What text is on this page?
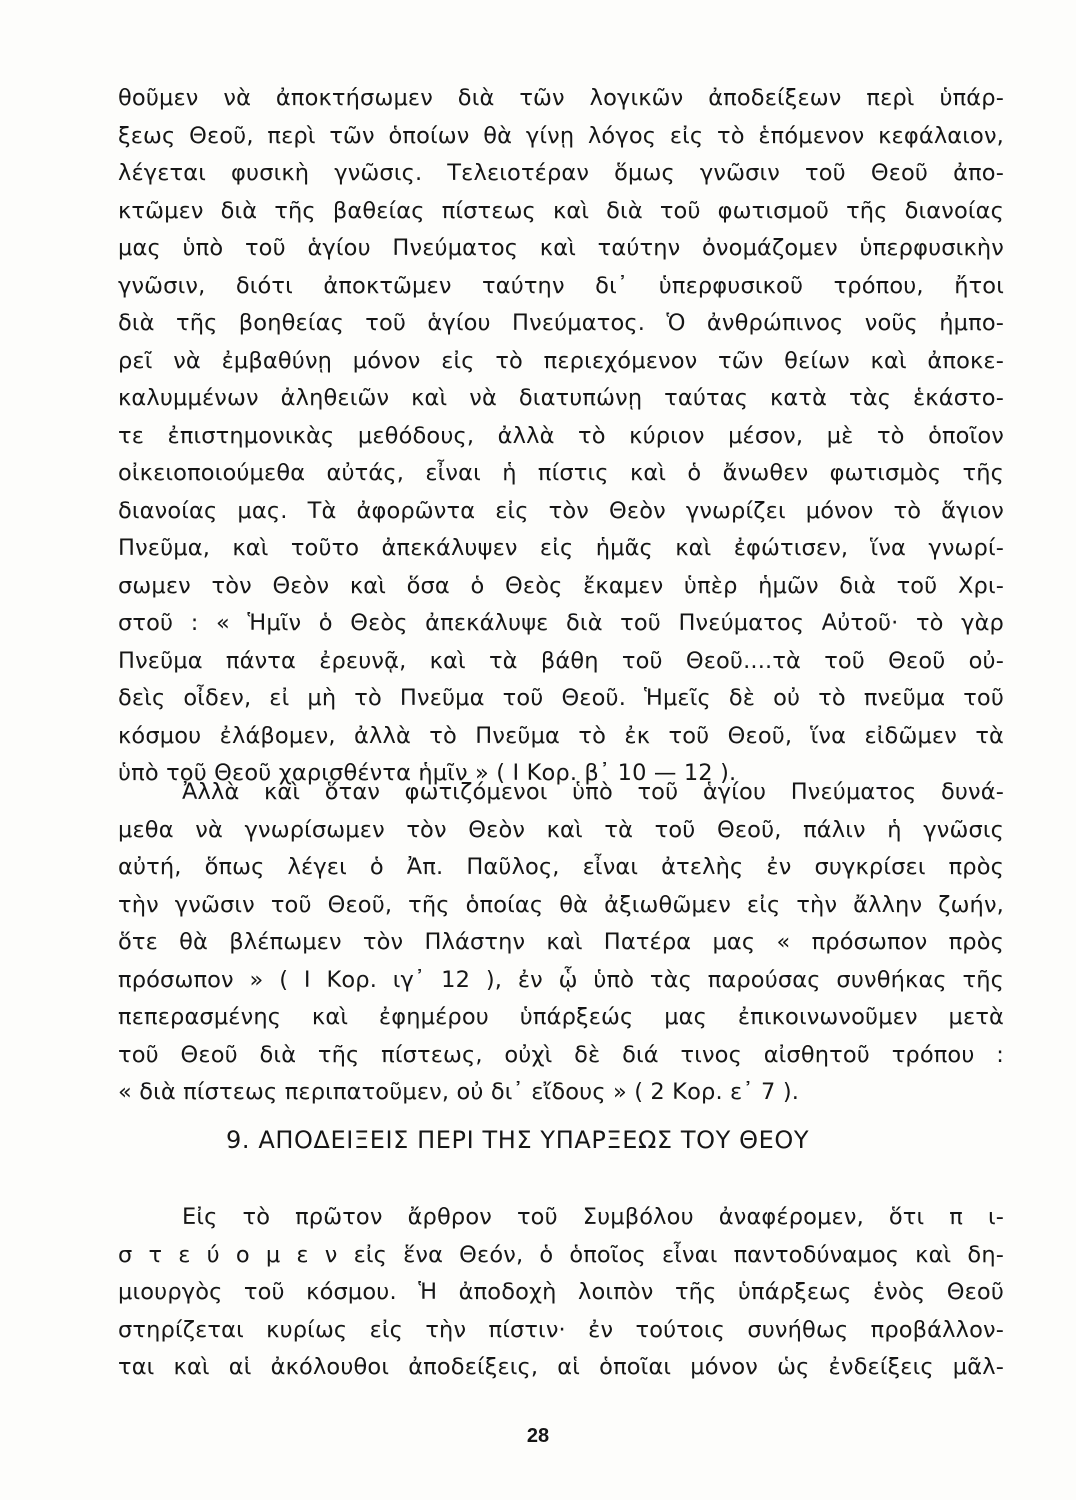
θοῦμεν νὰ ἀποκτήσωμεν διὰ τῶν λογικῶν ἀποδείξεων περὶ ὑπάρ-
ξεως Θεοῦ, περὶ τῶν ὁποίων θὰ γίνῃ λόγος εἰς τὸ ἑπόμενον κεφάλαιον,
λέγεται φυσικὴ γνῶσις. Τελειοτέραν ὅμως γνῶσιν τοῦ Θεοῦ ἀπο-
κτῶμεν διὰ τῆς βαθείας πίστεως καὶ διὰ τοῦ φωτισμοῦ τῆς διανοίας
μας ὑπὸ τοῦ ἁγίου Πνεύματος καὶ ταύτην ὀνομάζομεν ὑπερφυσικὴν
γνῶσιν, διότι ἀποκτῶμεν ταύτην δι᾽ ὑπερφυσικοῦ τρόπου, ἤτοι
διὰ τῆς βοηθείας τοῦ ἁγίου Πνεύματος. Ὁ ἀνθρώπινος νοῦς ἠμπο-
ρεῖ νὰ ἐμβαθύνῃ μόνον εἰς τὸ περιεχόμενον τῶν θείων καὶ ἀποκε-
καλυμμένων ἀληθειῶν καὶ νὰ διατυπώνῃ ταύτας κατὰ τὰς ἑκάστο-
τε ἐπιστημονικὰς μεθόδους, ἀλλὰ τὸ κύριον μέσον, μὲ τὸ ὁποῖον
οἰκειοποιούμεθα αὐτάς, εἶναι ἡ πίστις καὶ ὁ ἄνωθεν φωτισμὸς τῆς
διανοίας μας. Τὰ ἀφορῶντα εἰς τὸν Θεὸν γνωρίζει μόνον τὸ ἅγιον
Πνεῦμα, καὶ τοῦτο ἀπεκάλυψεν εἰς ἡμᾶς καὶ ἐφώτισεν, ἵνα γνωρί-
σωμεν τὸν Θεὸν καὶ ὅσα ὁ Θεὸς ἔκαμεν ὑπὲρ ἡμῶν διὰ τοῦ Χρι-
στοῦ : « Ἡμῖν ὁ Θεὸς ἀπεκάλυψε διὰ τοῦ Πνεύματος Αὐτοῦ· τὸ γὰρ
Πνεῦμα πάντα ἐρευνᾷ, καὶ τὰ βάθη τοῦ Θεοῦ....τὰ τοῦ Θεοῦ οὐ-
δεὶς οἶδεν, εἰ μὴ τὸ Πνεῦμα τοῦ Θεοῦ. Ἡμεῖς δὲ οὐ τὸ πνεῦμα τοῦ
κόσμου ἐλάβομεν, ἀλλὰ τὸ Πνεῦμα τὸ ἐκ τοῦ Θεοῦ, ἵνα εἰδῶμεν τὰ
ὑπὸ τοῦ Θεοῦ χαρισθέντα ἡμῖν » ( Ι Κορ. β᾽ 10 — 12 ).
Ἀλλὰ καὶ ὅταν φωτιζόμενοι ὑπὸ τοῦ ἁγίου Πνεύματος δυνά-
μεθα νὰ γνωρίσωμεν τὸν Θεὸν καὶ τὰ τοῦ Θεοῦ, πάλιν ἡ γνῶσις
αὐτή, ὅπως λέγει ὁ Ἀπ. Παῦλος, εἶναι ἀτελὴς ἐν συγκρίσει πρὸς
τὴν γνῶσιν τοῦ Θεοῦ, τῆς ὁποίας θὰ ἀξιωθῶμεν εἰς τὴν ἄλλην ζωήν,
ὅτε θὰ βλέπωμεν τὸν Πλάστην καὶ Πατέρα μας « πρόσωπον πρὸς
πρόσωπον » ( Ι Κορ. ιγ᾽ 12 ), ἐν ᾧ ὑπὸ τὰς παρούσας συνθήκας τῆς
πεπερασμένης καὶ ἐφημέρου ὑπάρξεώς μας ἐπικοινωνοῦμεν μετὰ
τοῦ Θεοῦ διὰ τῆς πίστεως, οὐχὶ δὲ διά τινος αἰσθητοῦ τρόπου :
« διὰ πίστεως περιπατοῦμεν, οὐ δι᾽ εἴδους » ( 2 Κορ. ε᾽ 7 ).
9. ΑΠΟΔΕΙΞΕΙΣ ΠΕΡΙ ΤΗΣ ΥΠΑΡΞΕΩΣ ΤΟΥ ΘΕΟΥ
Εἰς τὸ πρῶτον ἄρθρον τοῦ Συμβόλου ἀναφέρομεν, ὅτι π ι-
σ τ ε ύ ο μ ε ν εἰς ἕνα Θεόν, ὁ ὁποῖος εἶναι παντοδύναμος καὶ δη-
μιουργὸς τοῦ κόσμου. Ἡ ἀποδοχὴ λοιπὸν τῆς ὑπάρξεως ἑνὸς Θεοῦ
στηρίζεται κυρίως εἰς τὴν πίστιν· ἐν τούτοις συνήθως προβάλλον-
ται καὶ αἱ ἀκόλουθοι ἀποδείξεις, αἱ ὁποῖαι μόνον ὡς ἐνδείξεις μᾶλ-
28
